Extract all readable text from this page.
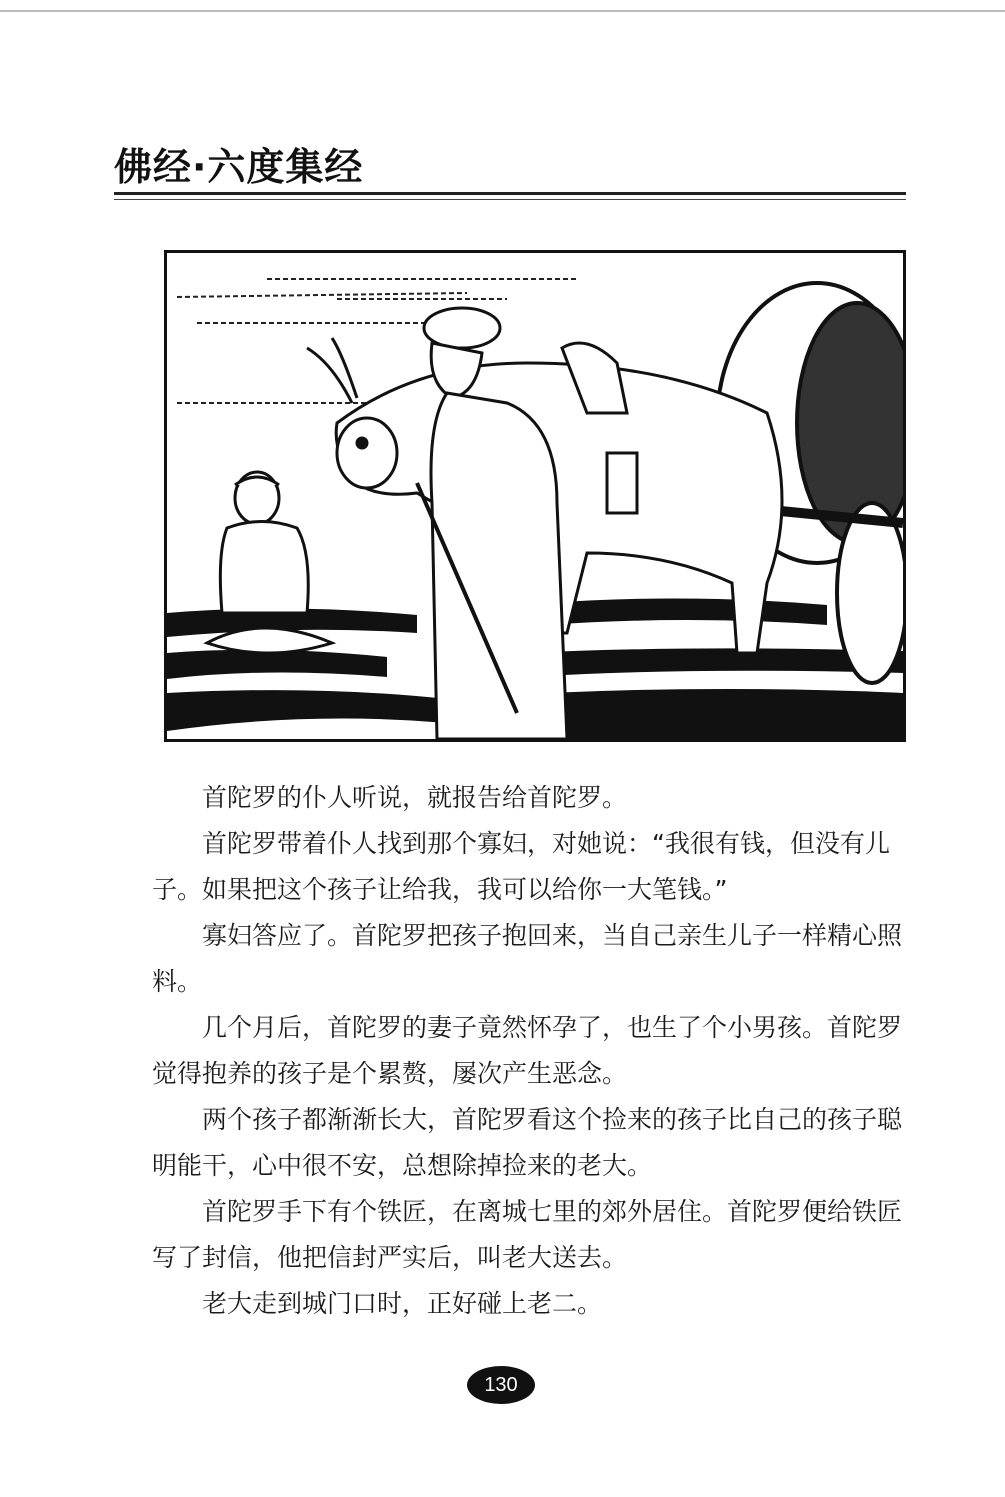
佛经·六度集经

首陀罗的仆人听说，就报告给首陀罗。

首陀罗带着仆人找到那个寡妇，对她说：“我很有钱，但没有儿子。如果把这个孩子让给我，我可以给你一大笔钱。”

寡妇答应了。首陀罗把孩子抱回来，当自己亲生儿子一样精心照料。

几个月后，首陀罗的妻子竟然怀孕了，也生了个小男孩。首陀罗觉得抱养的孩子是个累赘，屡次产生恶念。

两个孩子都渐渐长大，首陀罗看这个捡来的孩子比自己的孩子聪明能干，心中很不安，总想除掉捡来的老大。

首陀罗手下有个铁匠，在离城七里的郊外居住。首陀罗便给铁匠写了封信，他把信封严实后，叫老大送去。

老大走到城门口时，正好碰上老二。

130
